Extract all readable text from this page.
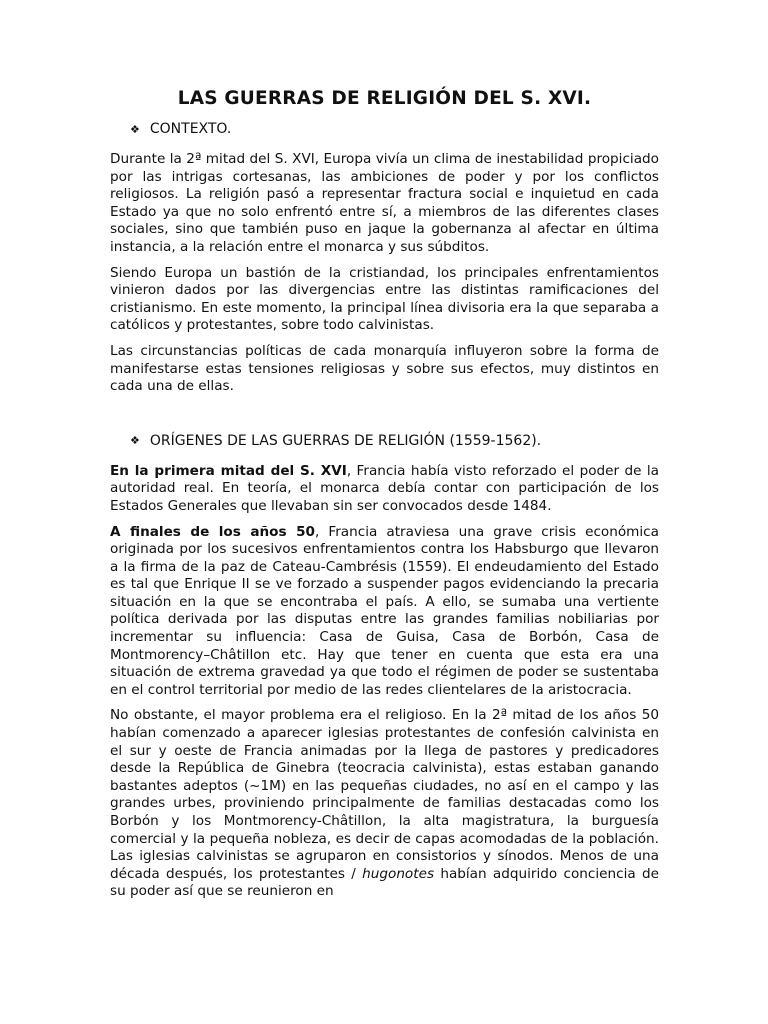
LAS GUERRAS DE RELIGIÓN DEL S. XVI.
❖ CONTEXTO.

Durante la 2ª mitad del S. XVI, Europa vivía un clima de inestabilidad propiciado por las intrigas cortesanas, las ambiciones de poder y por los conflictos religiosos. La religión pasó a representar fractura social e inquietud en cada Estado ya que no solo enfrentó entre sí, a miembros de las diferentes clases sociales, sino que también puso en jaque la gobernanza al afectar en última instancia, a la relación entre el monarca y sus súbditos.

Siendo Europa un bastión de la cristiandad, los principales enfrentamientos vinieron dados por las divergencias entre las distintas ramificaciones del cristianismo. En este momento, la principal línea divisoria era la que separaba a católicos y protestantes, sobre todo calvinistas.

Las circunstancias políticas de cada monarquía influyeron sobre la forma de manifestarse estas tensiones religiosas y sobre sus efectos, muy distintos en cada una de ellas.

❖ ORÍGENES DE LAS GUERRAS DE RELIGIÓN (1559-1562).

En la primera mitad del S. XVI, Francia había visto reforzado el poder de la autoridad real. En teoría, el monarca debía contar con participación de los Estados Generales que llevaban sin ser convocados desde 1484.

A finales de los años 50, Francia atraviesa una grave crisis económica originada por los sucesivos enfrentamientos contra los Habsburgo que llevaron a la firma de la paz de Cateau-Cambrésis (1559). El endeudamiento del Estado es tal que Enrique II se ve forzado a suspender pagos evidenciando la precaria situación en la que se encontraba el país. A ello, se sumaba una vertiente política derivada por las disputas entre las grandes familias nobiliarias por incrementar su influencia: Casa de Guisa, Casa de Borbón, Casa de Montmorency–Châtillon etc. Hay que tener en cuenta que esta era una situación de extrema gravedad ya que todo el régimen de poder se sustentaba en el control territorial por medio de las redes clientelares de la aristocracia.

No obstante, el mayor problema era el religioso. En la 2ª mitad de los años 50 habían comenzado a aparecer iglesias protestantes de confesión calvinista en el sur y oeste de Francia animadas por la llega de pastores y predicadores desde la República de Ginebra (teocracia calvinista), estas estaban ganando bastantes adeptos (~1M) en las pequeñas ciudades, no así en el campo y las grandes urbes, proviniendo principalmente de familias destacadas como los Borbón y los Montmorency-Châtillon, la alta magistratura, la burguesía comercial y la pequeña nobleza, es decir de capas acomodadas de la población. Las iglesias calvinistas se agruparon en consistorios y sínodos. Menos de una década después, los protestantes / hugonotes habían adquirido conciencia de su poder así que se reunieron en
